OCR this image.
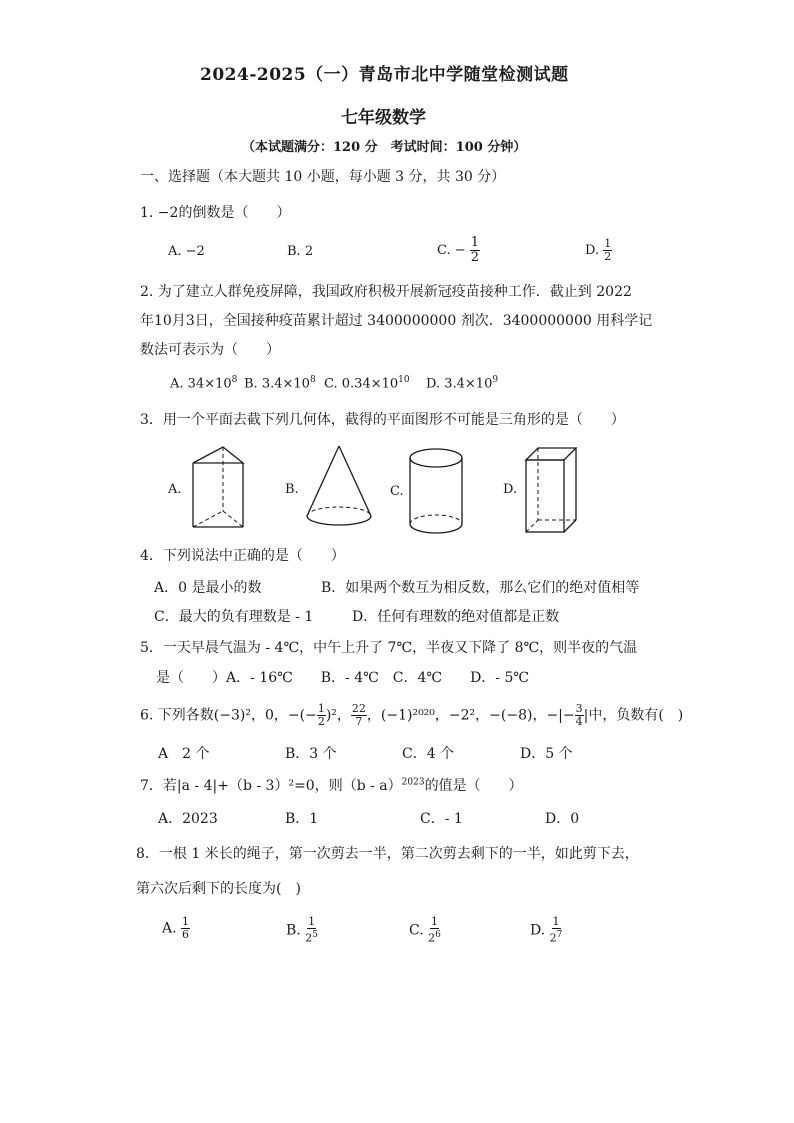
2024-2025（一）青岛市北中学随堂检测试题
七年级数学
（本试题满分：120 分　考试时间：100 分钟）
一、选择题（本大题共 10 小题，每小题 3 分，共 30 分）
1. −2的倒数是（　　）
A. −2	B. 2	C. − $\frac{1}{2}$	D. $\frac{1}{2}$
2. 为了建立人群免疫屏障，我国政府积极开展新冠疫苗接种工作．截止到 2022
年10月3日，全国接种疫苗累计超过 3400000000 剂次．3400000000 用科学记
数法可表示为（　　）
A. $34\times 10^8$ B. $3.4\times 10^8$ C. $0.34\times 10^{10}$ D. $3.4\times 10^9$
3．用一个平面去截下列几何体，截得的平面图形不可能是三角形的是（　　）
A.	B.	C.	D.
4．下列说法中正确的是（　　）
A．0 是最小的数	B．如果两个数互为相反数，那么它们的绝对值相等
C．最大的负有理数是 - 1	D．任何有理数的绝对值都是正数
5．一天早晨气温为 - 4℃，中午上升了 7℃，半夜又下降了 8℃，则半夜的气温
是（　　）A．- 16℃　　B．- 4℃　C．4℃　　D．- 5℃
6. 下列各数(−3)²，0，−(− $\frac{1}{2} )^2$， $\frac{22}{7}$ ，(−1)²⁰²⁰，−2²，−(−8)，−|− $\frac{3}{4}$ |中，负数有(　)
A　2 个	B．3 个	C．4 个	D．5 个
7．若|a - 4|+（b - 3）²=0，则（b - a）$^{2023}$的值是（　　）
A．2023	B．1	C．- 1	D．0
8．一根 1 米长的绳子，第一次剪去一半，第二次剪去剩下的一半，如此剪下去，
第六次后剩下的长度为(　)
A. $\frac{1}{6}$	B. $\frac{1}{2^5}$	C. $\frac{1}{2^6}$	D. $\frac{1}{2^7}$
